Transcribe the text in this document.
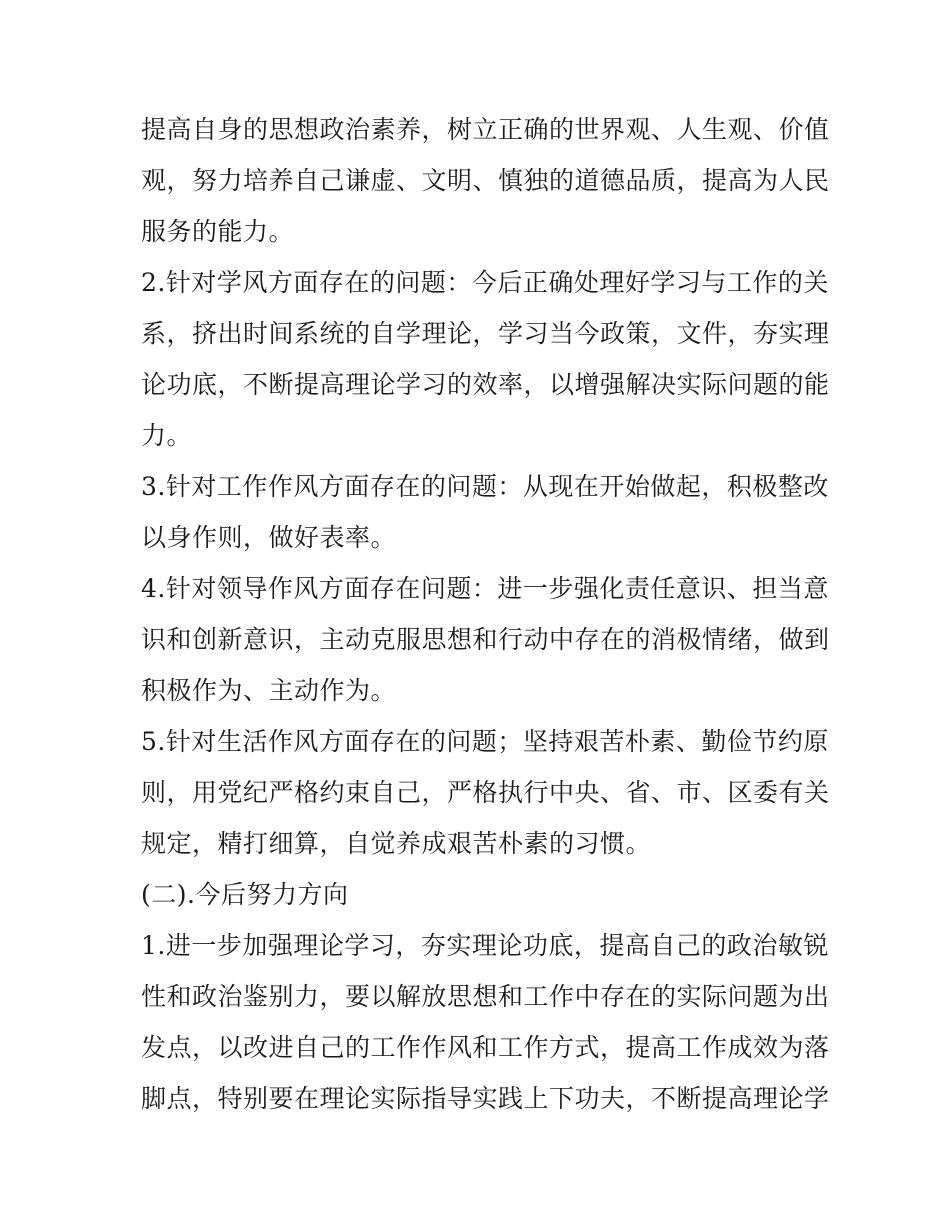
提高自身的思想政治素养，树立正确的世界观、人生观、价值
观，努力培养自己谦虚、文明、慎独的道德品质，提高为人民
服务的能力。
2.针对学风方面存在的问题：今后正确处理好学习与工作的关
系，挤出时间系统的自学理论，学习当今政策，文件，夯实理
论功底，不断提高理论学习的效率，以增强解决实际问题的能
力。
3.针对工作作风方面存在的问题：从现在开始做起，积极整改
以身作则，做好表率。
4.针对领导作风方面存在问题：进一步强化责任意识、担当意
识和创新意识，主动克服思想和行动中存在的消极情绪，做到
积极作为、主动作为。
5.针对生活作风方面存在的问题；坚持艰苦朴素、勤俭节约原
则，用党纪严格约束自己，严格执行中央、省、市、区委有关
规定，精打细算，自觉养成艰苦朴素的习惯。
(二).今后努力方向
1.进一步加强理论学习，夯实理论功底，提高自己的政治敏锐
性和政治鉴别力，要以解放思想和工作中存在的实际问题为出
发点，以改进自己的工作作风和工作方式，提高工作成效为落
脚点，特别要在理论实际指导实践上下功夫，不断提高理论学
